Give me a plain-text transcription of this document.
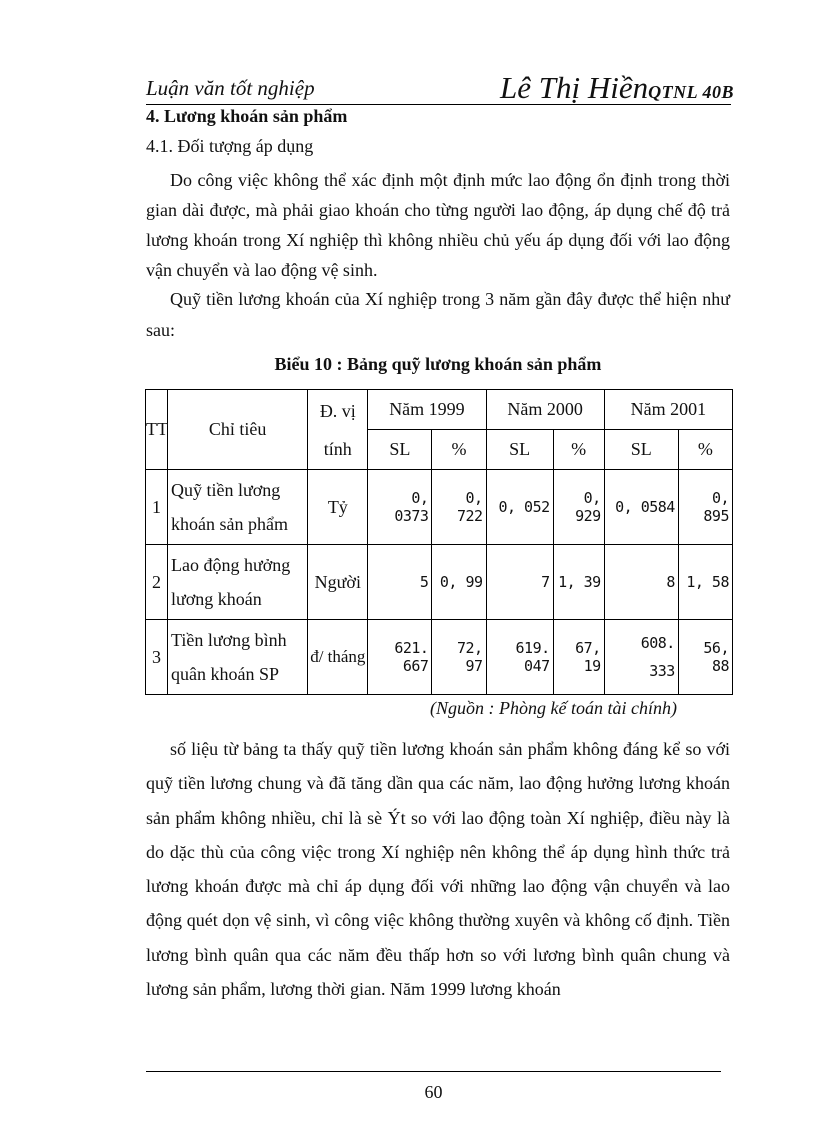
Luận văn tốt nghiệp	Lê Thị HiềnQTNL 40B
4. Lương khoán sản phẩm
4.1. Đối tượng áp dụng

Do công việc không thể xác định một định mức lao động ổn định trong thời gian dài được, mà phải giao khoán cho từng người lao động, áp dụng chế độ trả lương khoán trong Xí nghiệp thì không nhiều chủ yếu áp dụng đối với lao động vận chuyển và lao động vệ sinh.

Quỹ tiền lương khoán của Xí nghiệp trong 3 năm gần đây được thể hiện như sau:

Biểu 10 : Bảng quỹ lương khoán sản phẩm
TT	Chỉ tiêu	Đ. vị tính	Năm 1999		Năm 2000		Năm 2001	
			SL	%	SL	%	SL	%
1	Quỹ tiền lương khoán sản phẩm	Tỷ	0, 0373	0, 722	0, 052	0, 929	0, 0584	0, 895
2	Lao động hưởng lương khoán	Người	5	0, 99	7	1, 39	8	1, 58
3	Tiền lương bình quân khoán SP	đ/ tháng	621. 667	72, 97	619. 047	67, 19	608. 333	56, 88
(Nguồn : Phòng kế toán tài chính)

số liệu từ bảng ta thấy quỹ tiền lương khoán sản phẩm không đáng kể so với quỹ tiền lương chung và đã tăng dần qua các năm, lao động hưởng lương khoán sản phẩm không nhiều, chỉ là sè Ýt so với lao động toàn Xí nghiệp, điều này là do dặc thù của công việc trong Xí nghiệp nên không thể áp dụng hình thức trả lương khoán được mà chỉ áp dụng đối với những lao động vận chuyển và lao động quét dọn vệ sinh, vì công việc không thường xuyên và không cố định. Tiền lương bình quân qua các năm đều thấp hơn so với lương bình quân chung và lương sản phẩm, lương thời gian. Năm 1999 lương khoán

60
